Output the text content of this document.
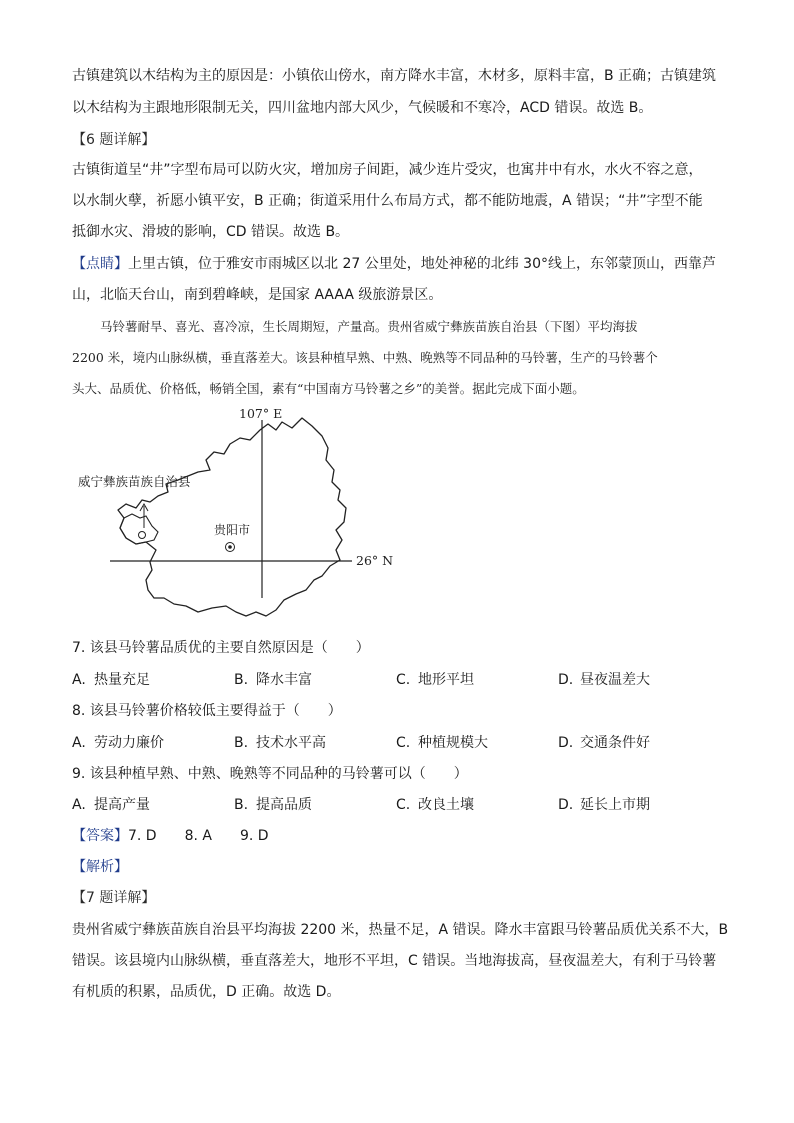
古镇建筑以木结构为主的原因是：小镇依山傍水，南方降水丰富，木材多，原料丰富，B 正确；古镇建筑
以木结构为主跟地形限制无关，四川盆地内部大风少，气候暖和不寒冷，ACD 错误。故选 B。
【6 题详解】
古镇街道呈“井”字型布局可以防火灾，增加房子间距，减少连片受灾，也寓井中有水，水火不容之意，
以水制火孽，祈愿小镇平安，B 正确；街道采用什么布局方式，都不能防地震，A 错误；“井”字型不能
抵御水灾、滑坡的影响，CD 错误。故选 B。
【点睛】上里古镇，位于雅安市雨城区以北 27 公里处，地处神秘的北纬 30°线上，东邻蒙顶山，西靠芦
山，北临天台山，南到碧峰峡，是国家 AAAA 级旅游景区。
马铃薯耐旱、喜光、喜冷凉，生长周期短，产量高。贵州省威宁彝族苗族自治县（下图）平均海拔
2200 米，境内山脉纵横，垂直落差大。该县种植早熟、中熟、晚熟等不同品种的马铃薯，生产的马铃薯个
头大、品质优、价格低，畅销全国，素有“中国南方马铃薯之乡”的美誉。据此完成下面小题。
107° E
26° N
威宁彝族苗族自治县
贵阳市
7. 该县马铃薯品质优的主要自然原因是（　　）
A. 热量充足	B. 降水丰富	C. 地形平坦	D. 昼夜温差大
8. 该县马铃薯价格较低主要得益于（　　）
A. 劳动力廉价	B. 技术水平高	C. 种植规模大	D. 交通条件好
9. 该县种植早熟、中熟、晚熟等不同品种的马铃薯可以（　　）
A. 提高产量	B. 提高品质	C. 改良土壤	D. 延长上市期
【答案】7. D 8. A 9. D
【解析】
【7 题详解】
贵州省威宁彝族苗族自治县平均海拔 2200 米，热量不足，A 错误。降水丰富跟马铃薯品质优关系不大，B
错误。该县境内山脉纵横，垂直落差大，地形不平坦，C 错误。当地海拔高，昼夜温差大，有利于马铃薯
有机质的积累，品质优，D 正确。故选 D。
